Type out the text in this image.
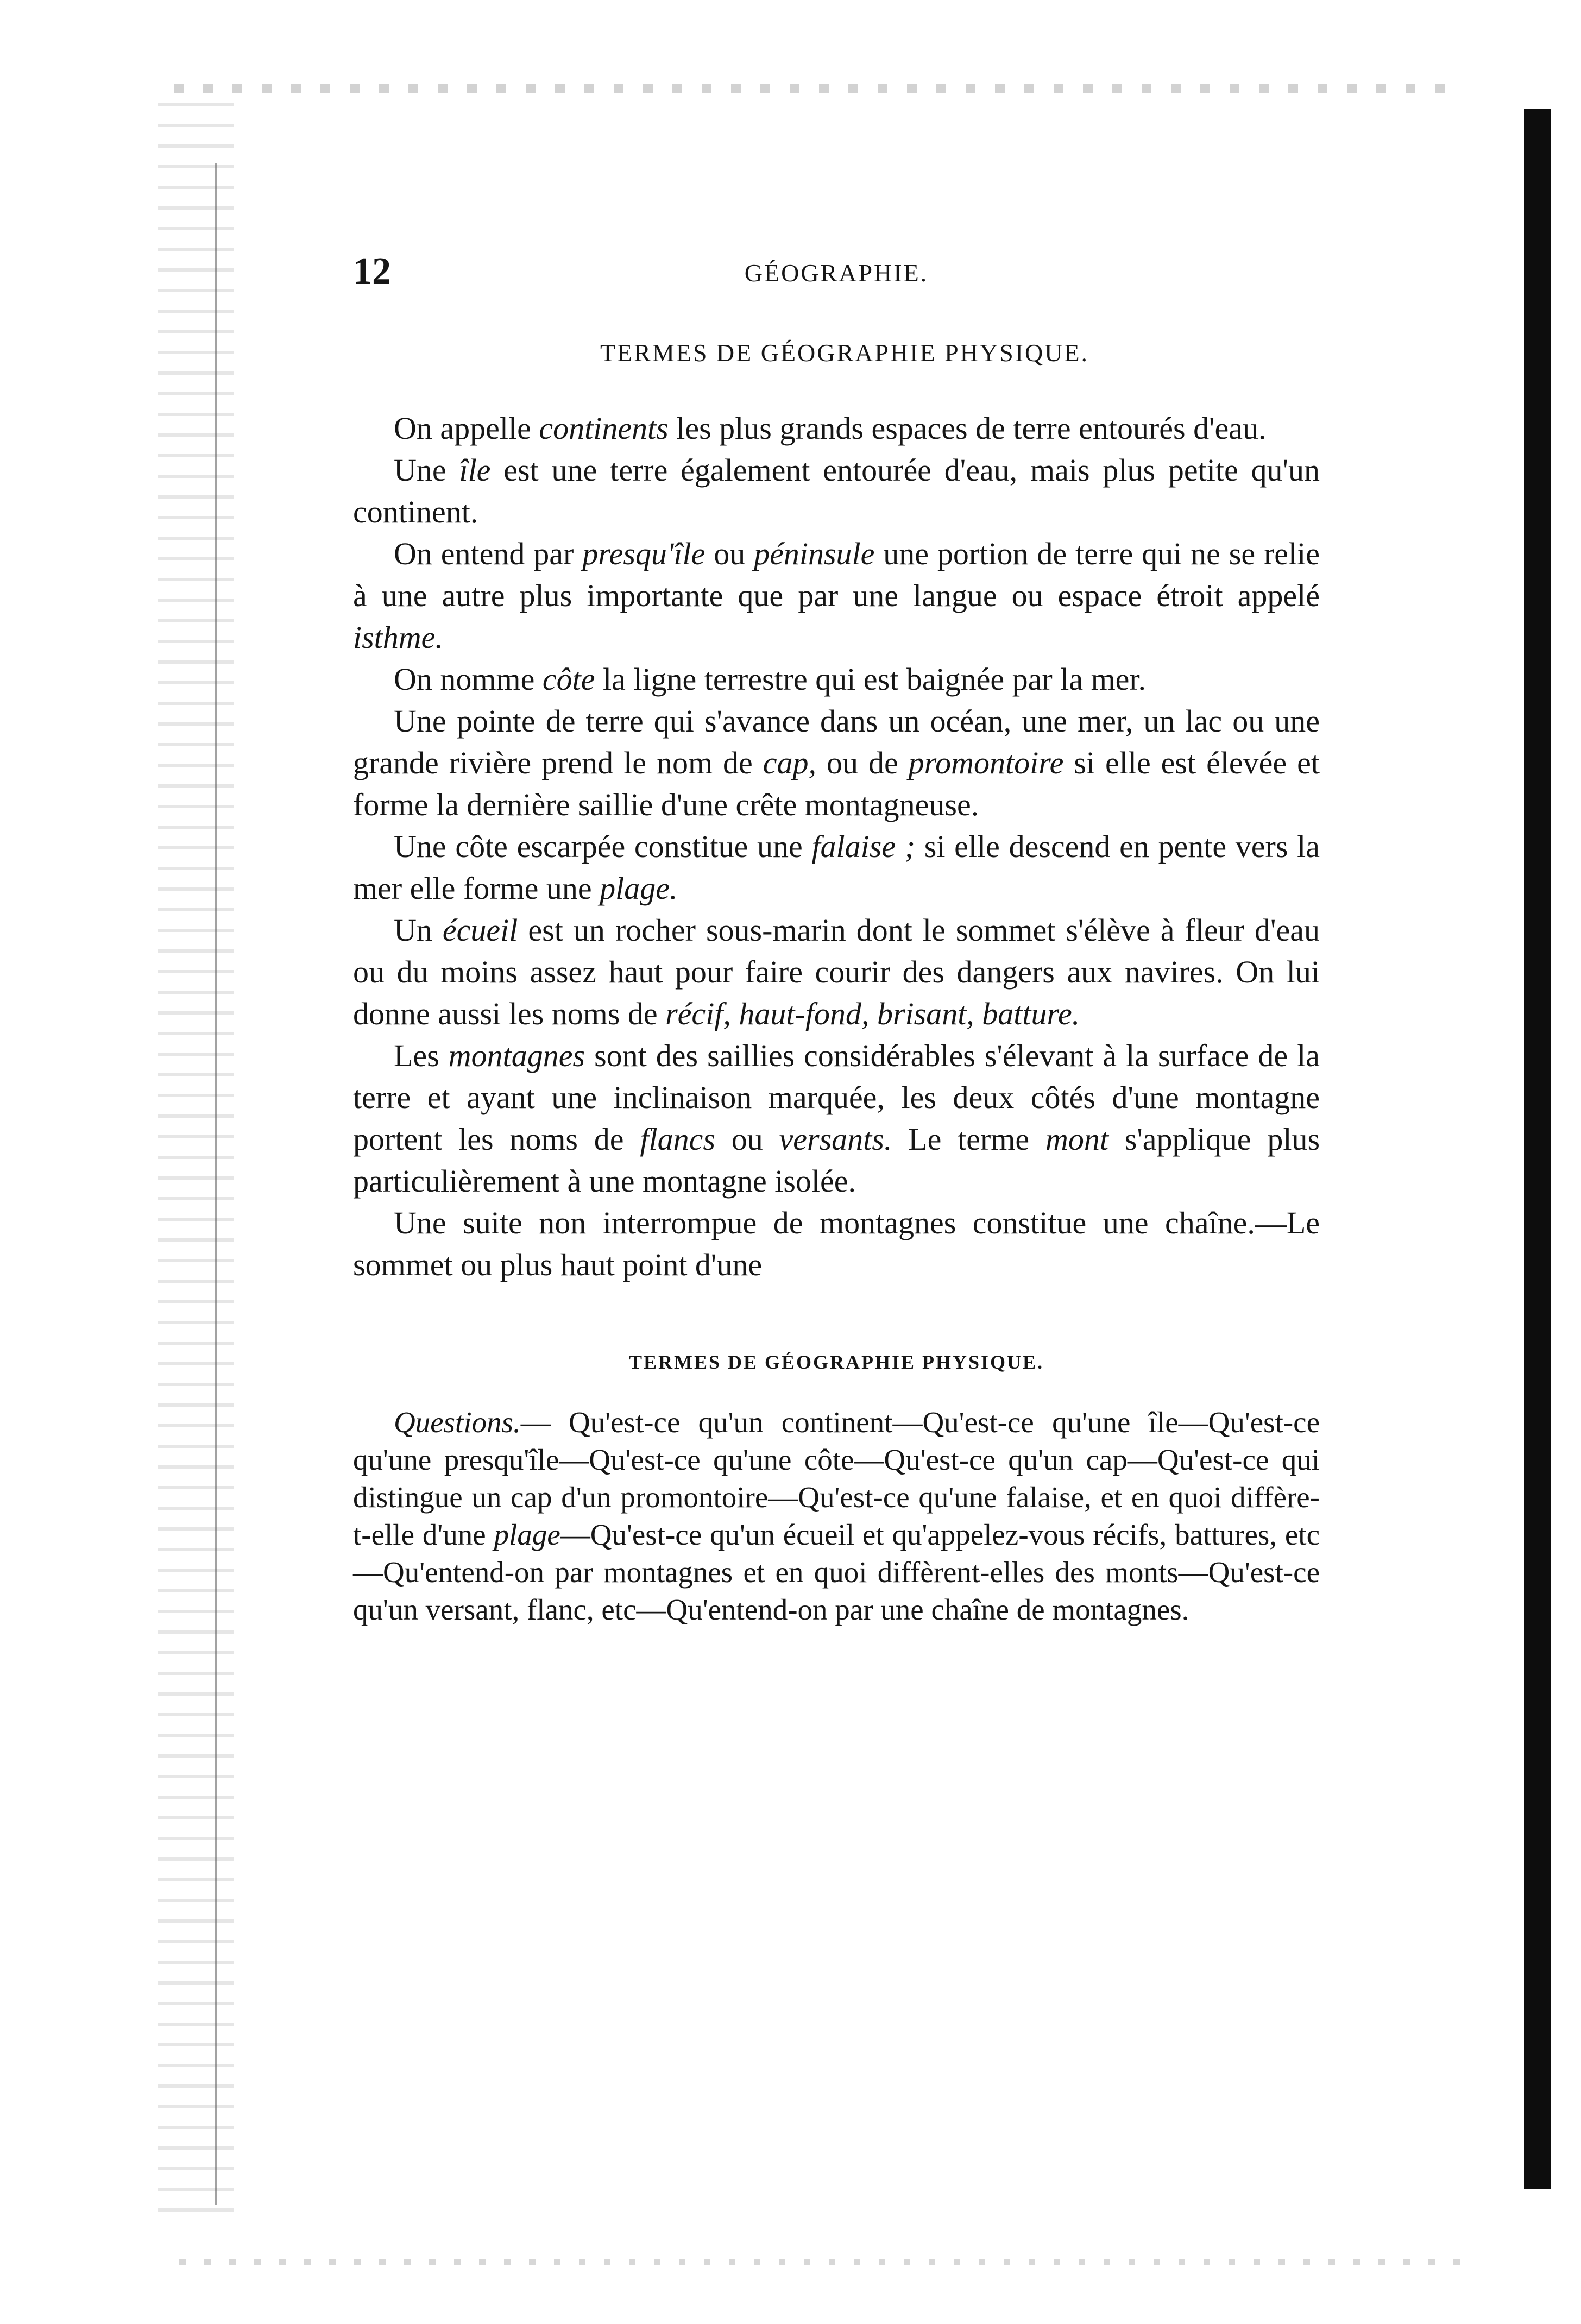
12	GÉOGRAPHIE.
TERMES DE GÉOGRAPHIE PHYSIQUE.

On appelle continents les plus grands espaces de terre entourés d'eau.

Une île est une terre également entourée d'eau, mais plus petite qu'un continent.

On entend par presqu'île ou péninsule une portion de terre qui ne se relie à une autre plus importante que par une langue ou espace étroit appelé isthme.

On nomme côte la ligne terrestre qui est baignée par la mer.

Une pointe de terre qui s'avance dans un océan, une mer, un lac ou une grande rivière prend le nom de cap, ou de promontoire si elle est élevée et forme la dernière saillie d'une crête montagneuse.

Une côte escarpée constitue une falaise ; si elle descend en pente vers la mer elle forme une plage.

Un écueil est un rocher sous-marin dont le sommet s'élève à fleur d'eau ou du moins assez haut pour faire courir des dangers aux navires. On lui donne aussi les noms de récif, haut-fond, brisant, batture.

Les montagnes sont des saillies considérables s'élevant à la surface de la terre et ayant une inclinaison marquée, les deux côtés d'une montagne portent les noms de flancs ou versants. Le terme mont s'applique plus particulièrement à une montagne isolée.

Une suite non interrompue de montagnes constitue une chaîne.—Le sommet ou plus haut point d'une

TERMES DE GÉOGRAPHIE PHYSIQUE.

Questions.— Qu'est-ce qu'un continent—Qu'est-ce qu'une île—Qu'est-ce qu'une presqu'île—Qu'est-ce qu'une côte—Qu'est-ce qu'un cap—Qu'est-ce qui distingue un cap d'un promontoire—Qu'est-ce qu'une falaise, et en quoi diffère-t-elle d'une plage—Qu'est-ce qu'un écueil et qu'appelez-vous récifs, battures, etc—Qu'entend-on par montagnes et en quoi diffèrent-elles des monts—Qu'est-ce qu'un versant, flanc, etc—Qu'entend-on par une chaîne de montagnes.
